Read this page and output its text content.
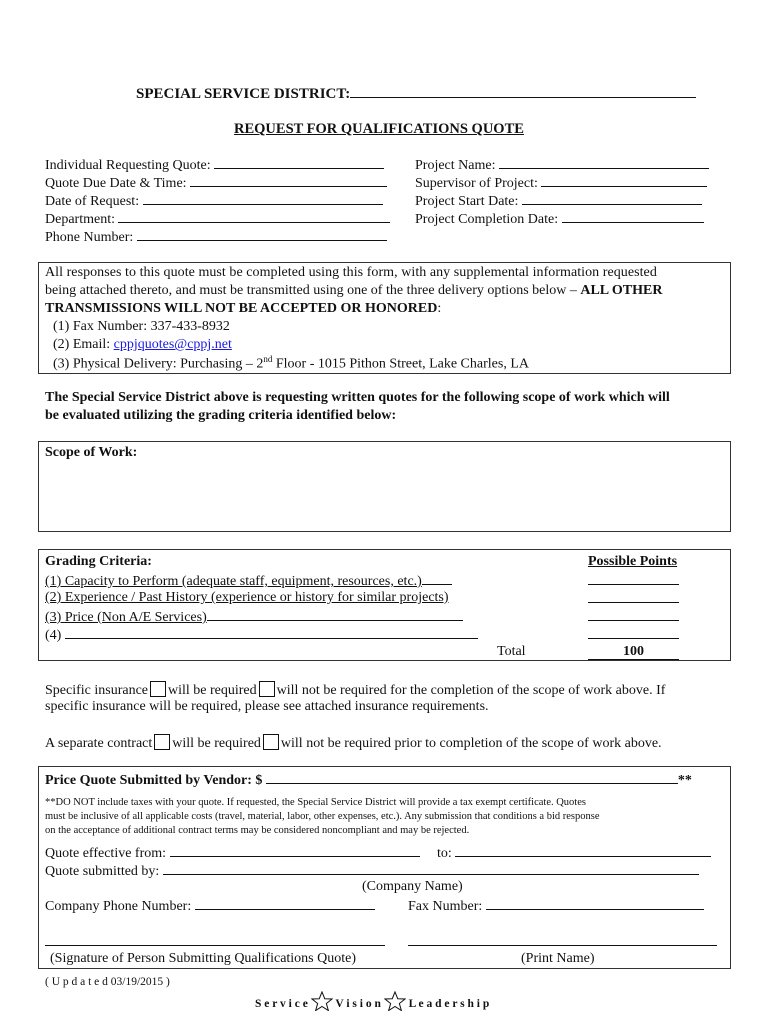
SPECIAL SERVICE DISTRICT:
REQUEST FOR QUALIFICATIONS QUOTE
Individual Requesting Quote:
Quote Due Date & Time:
Date of Request:
Department:
Phone Number:
Project Name:
Supervisor of Project:
Project Start Date:
Project Completion Date:
All responses to this quote must be completed using this form, with any supplemental information requested
being attached thereto, and must be transmitted using one of the three delivery options below – ALL OTHER
TRANSMISSIONS WILL NOT BE ACCEPTED OR HONORED:
(1) Fax Number: 337-433-8932
(2) Email: cppjquotes@cppj.net
(3) Physical Delivery: Purchasing – 2nd Floor - 1015 Pithon Street, Lake Charles, LA
The Special Service District above is requesting written quotes for the following scope of work which will
be evaluated utilizing the grading criteria identified below:
Scope of Work:
Grading Criteria:	Possible Points
(1) Capacity to Perform (adequate staff, equipment, resources, etc.)
(2) Experience / Past History (experience or history for similar projects)
(3) Price (Non A/E Services)
(4)
Total	100
Specific insurance will be required will not be required for the completion of the scope of work above. If
specific insurance will be required, please see attached insurance requirements.
A separate contract will be required will not be required prior to completion of the scope of work above.
Price Quote Submitted by Vendor: $	**
**DO NOT include taxes with your quote. If requested, the Special Service District will provide a tax exempt certificate. Quotes
must be inclusive of all applicable costs (travel, material, labor, other expenses, etc.). Any submission that conditions a bid response
on the acceptance of additional contract terms may be considered noncompliant and may be rejected.
Quote effective from:	to:
Quote submitted by:
(Company Name)
Company Phone Number:	Fax Number:
(Signature of Person Submitting Qualifications Quote)	(Print Name)
( U p d a t e d 03/19/2015 )
S e r v i c e V i s i o n L e a d e r s h i p
